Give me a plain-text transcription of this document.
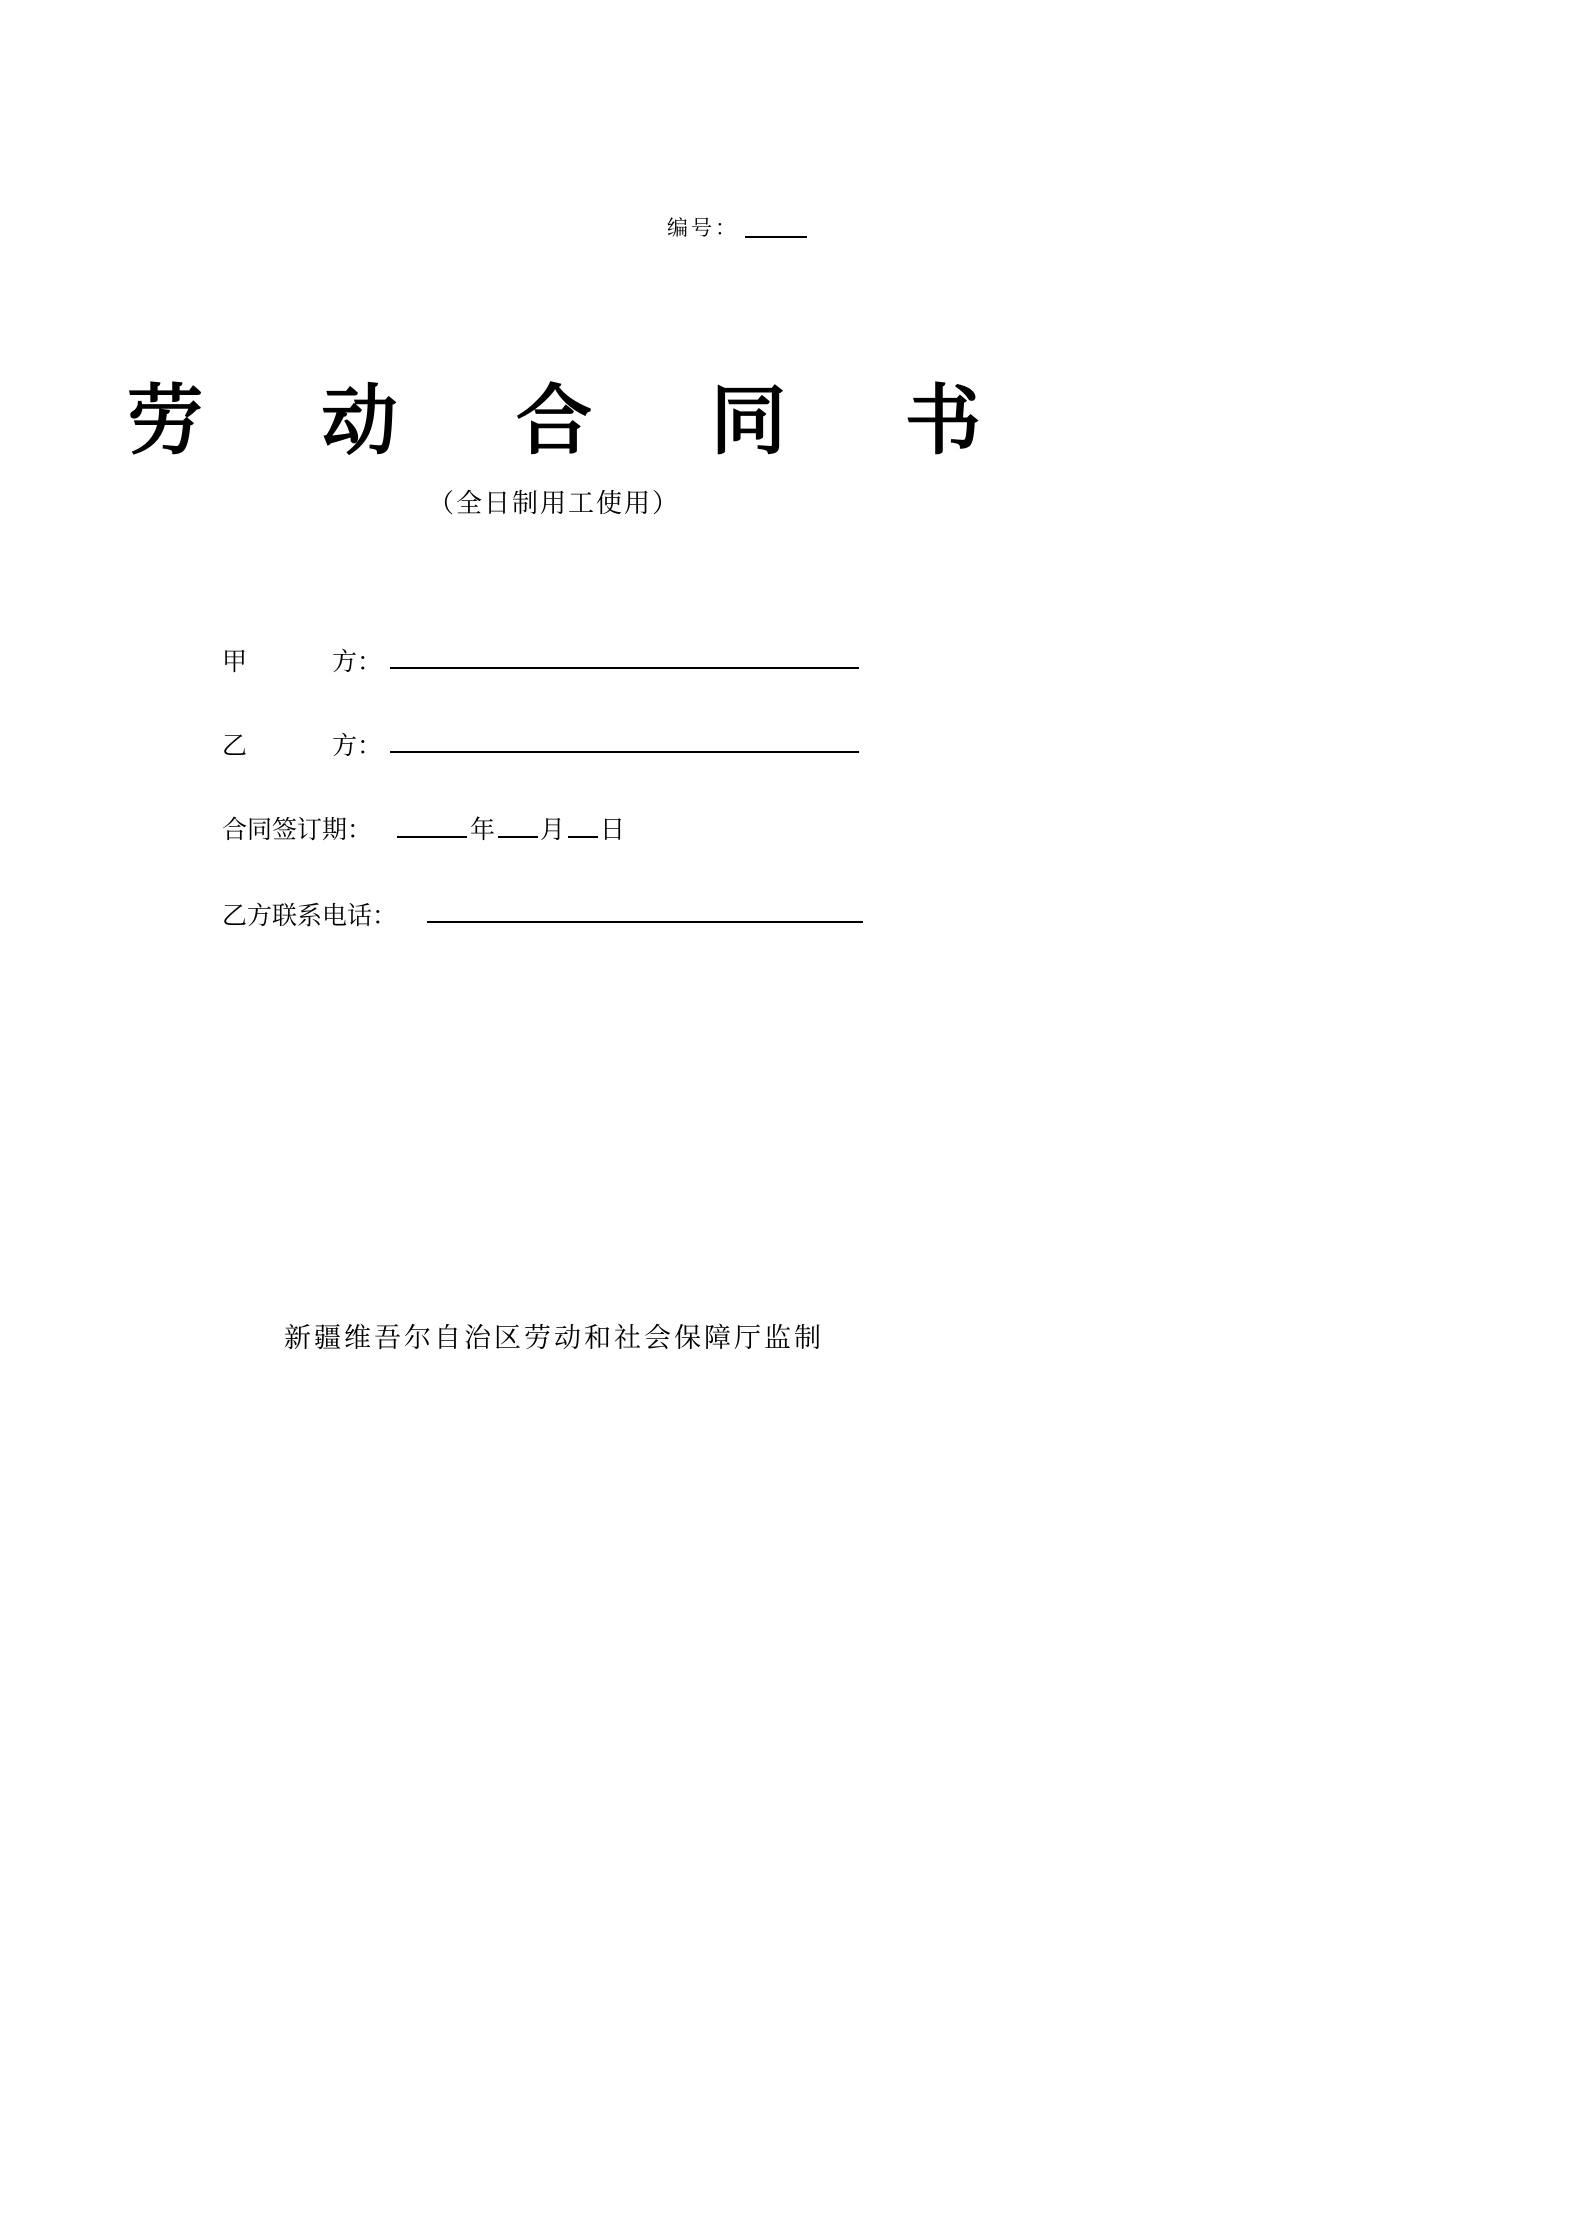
编号：
劳 动 合 同 书
（全日制用工使用）
甲	方：
乙	方：
合同签订期：	年 月 日
乙方联系电话：
新疆维吾尔自治区劳动和社会保障厅监制
